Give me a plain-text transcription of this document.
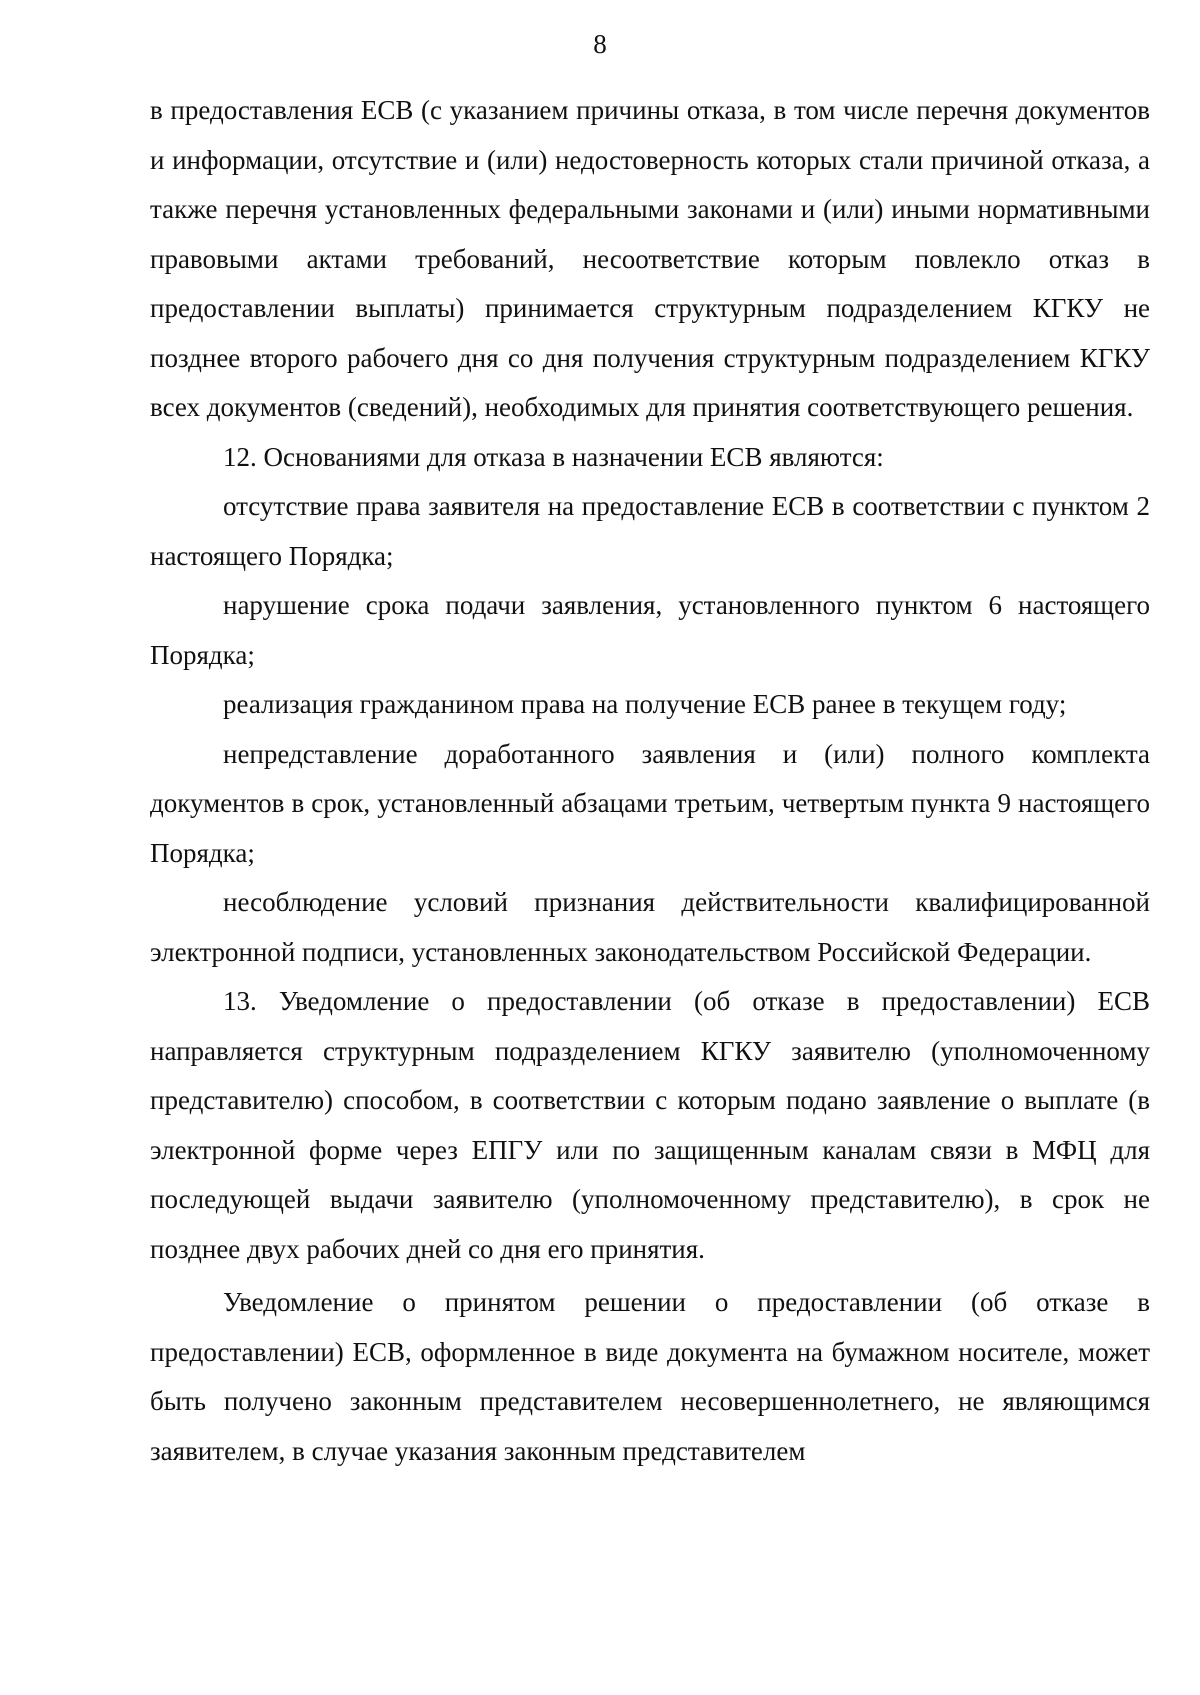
8

в предоставления ЕСВ (с указанием причины отказа, в том числе перечня документов и информации, отсутствие и (или) недостоверность которых стали причиной отказа, а также перечня установленных федеральными законами и (или) иными нормативными правовыми актами требований, несоответствие которым повлекло отказ в предоставлении выплаты) принимается структурным подразделением КГКУ не позднее второго рабочего дня со дня получения структурным подразделением КГКУ всех документов (сведений), необходимых для принятия соответствующего решения.

12. Основаниями для отказа в назначении ЕСВ являются:

отсутствие права заявителя на предоставление ЕСВ в соответствии с пунктом 2 настоящего Порядка;

нарушение срока подачи заявления, установленного пунктом 6 настоящего Порядка;

реализация гражданином права на получение ЕСВ ранее в текущем году;

непредставление доработанного заявления и (или) полного комплекта документов в срок, установленный абзацами третьим, четвертым пункта 9 настоящего Порядка;

несоблюдение условий признания действительности квалифицированной электронной подписи, установленных законодательством Российской Федерации.

13. Уведомление о предоставлении (об отказе в предоставлении) ЕСВ направляется структурным подразделением КГКУ заявителю (уполномоченному представителю) способом, в соответствии с которым подано заявление о выплате (в электронной форме через ЕПГУ или по защищенным каналам связи в МФЦ для последующей выдачи заявителю (уполномоченному представителю), в срок не позднее двух рабочих дней со дня его принятия.

Уведомление о принятом решении о предоставлении (об отказе в предоставлении) ЕСВ, оформленное в виде документа на бумажном носителе, может быть получено законным представителем несовершеннолетнего, не являющимся заявителем, в случае указания законным представителем
